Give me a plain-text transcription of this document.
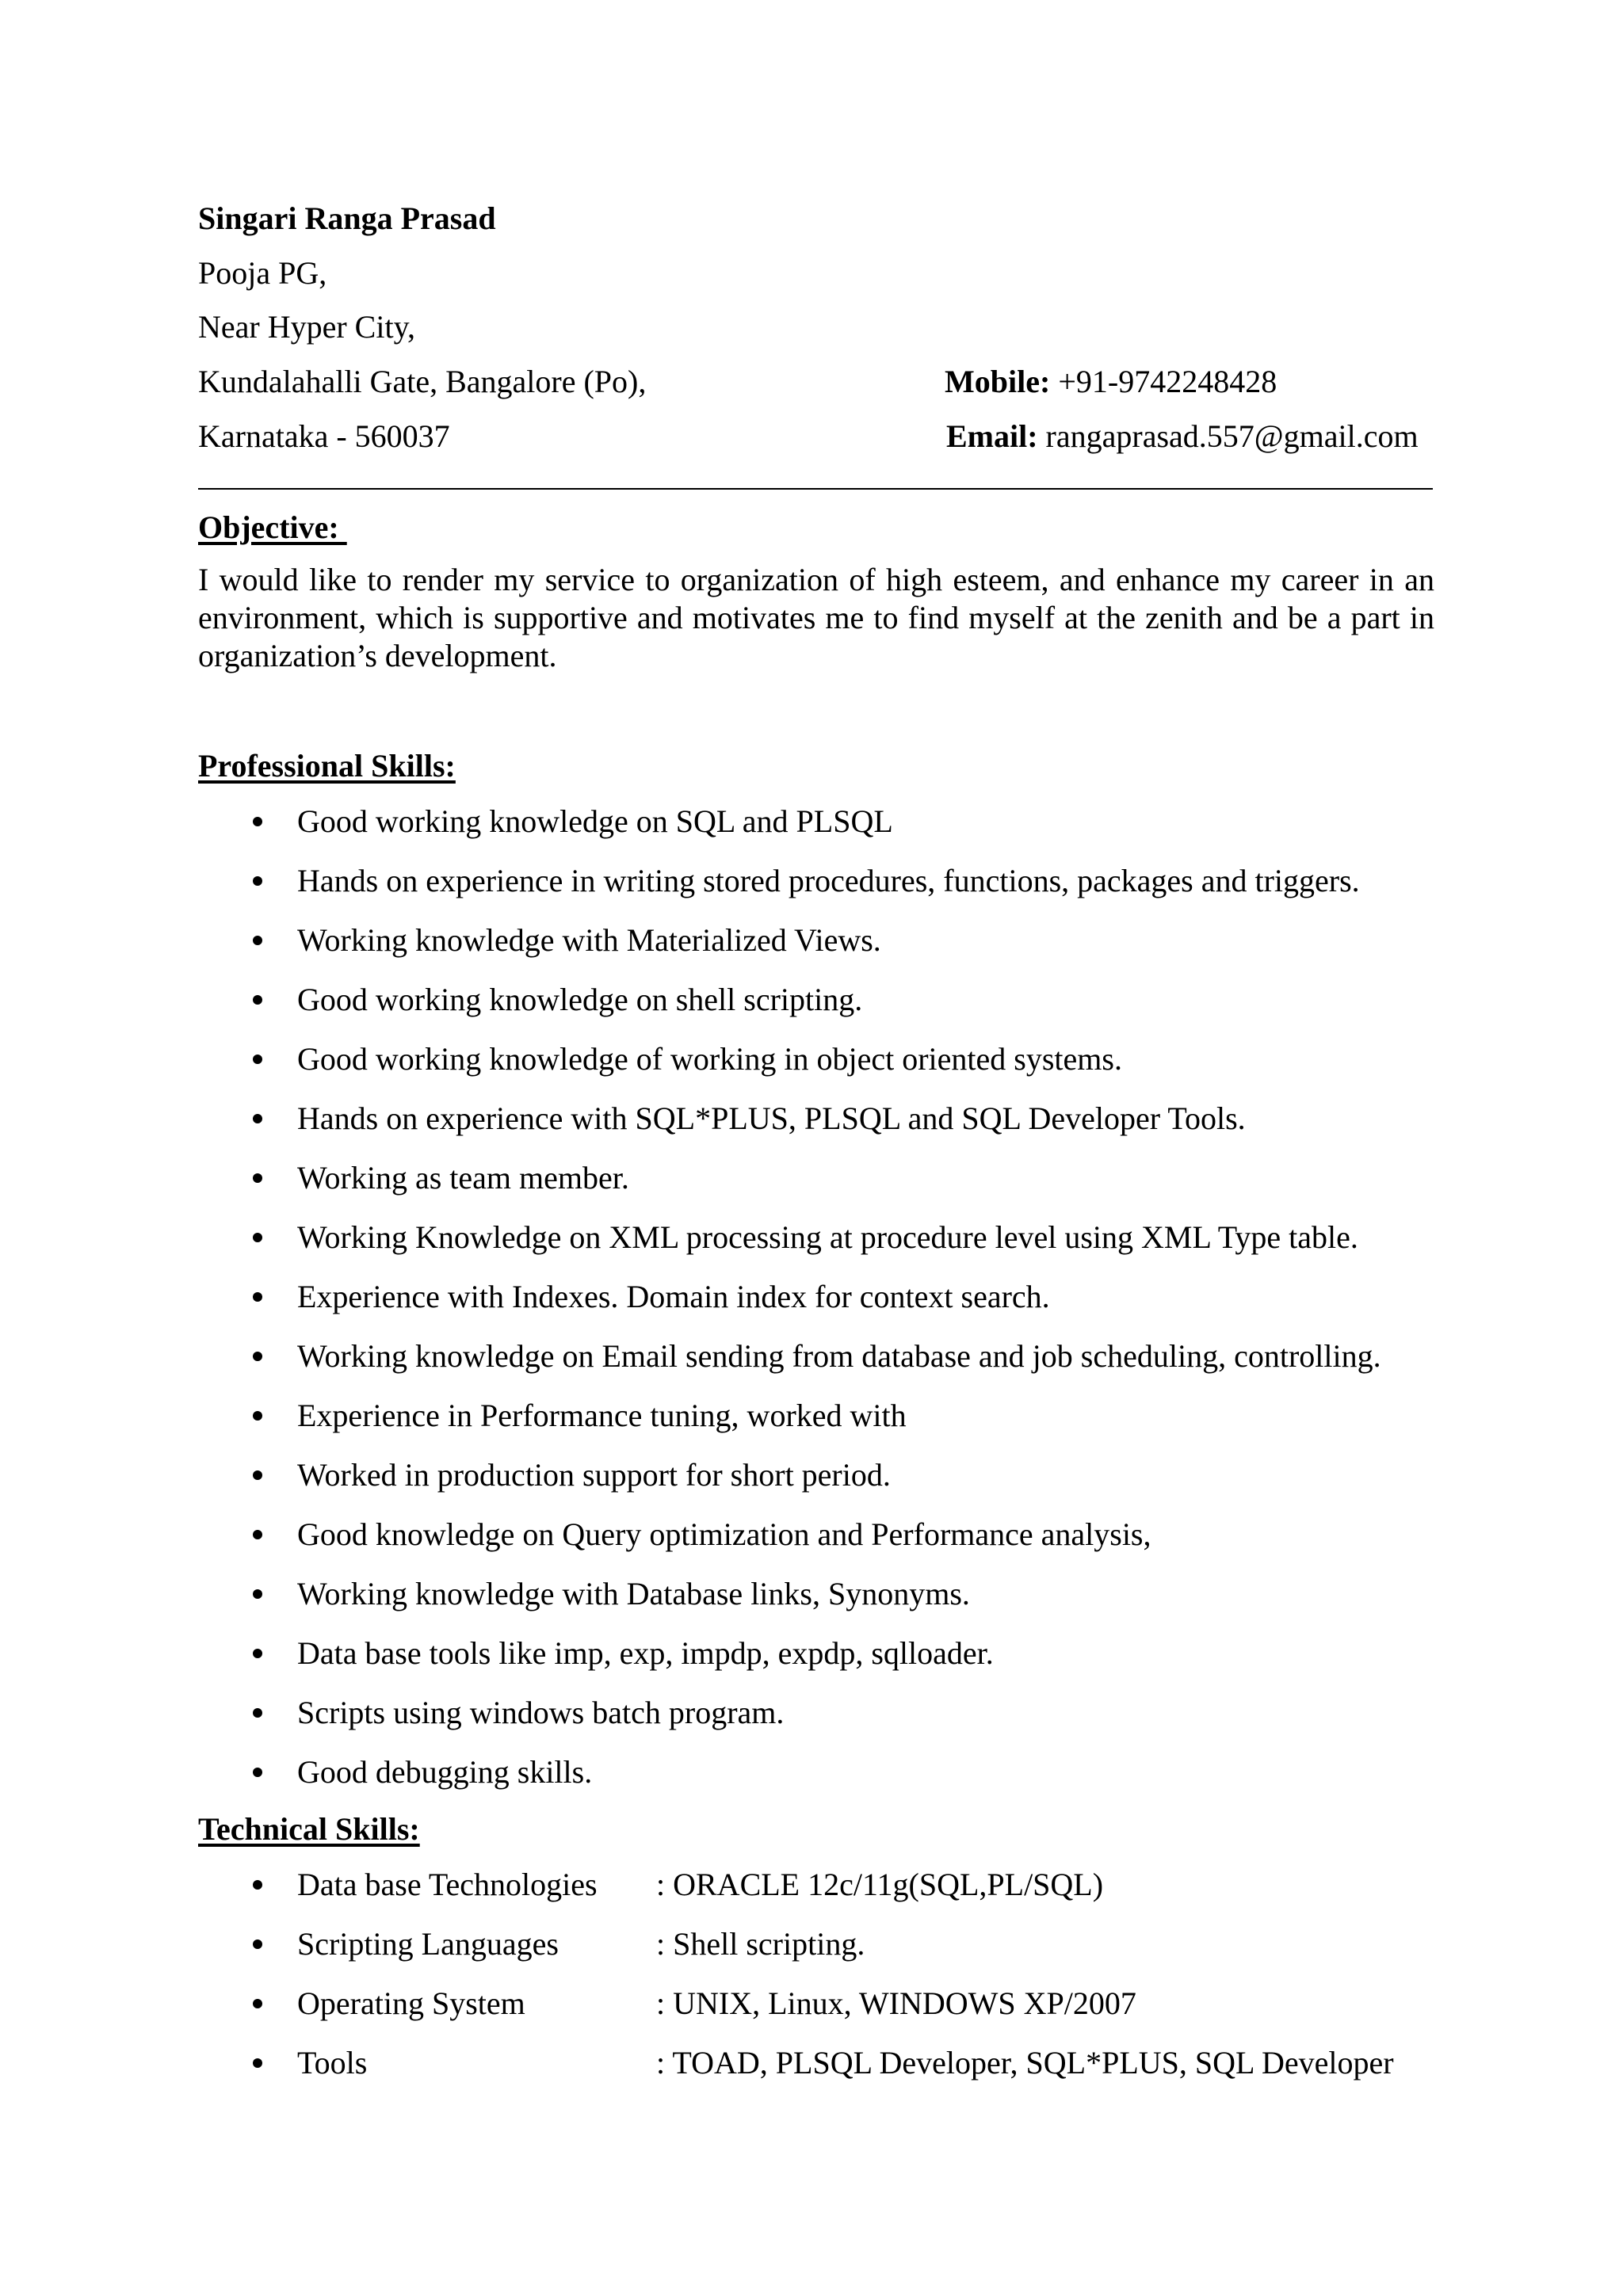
Singari Ranga Prasad
Pooja PG,
Near Hyper City,
Kundalahalli Gate, Bangalore (Po),
Karnataka - 560037
Mobile: +91-9742248428
Email: rangaprasad.557@gmail.com
Objective:
I would like to render my service to organization of high esteem, and enhance my career in an environment, which is supportive and motivates me to find myself at the zenith and be a part in organization’s development.
Professional Skills:
Good working knowledge on SQL and PLSQL
Hands on experience in writing stored procedures, functions, packages and triggers.
Working knowledge with Materialized Views.
Good working knowledge on shell scripting.
Good working knowledge of working in object oriented systems.
Hands on experience with SQL*PLUS, PLSQL and SQL Developer Tools.
Working as team member.
Working Knowledge on XML processing at procedure level using XML Type table.
Experience with Indexes. Domain index for context search.
Working knowledge on Email sending from database and job scheduling, controlling.
Experience in Performance tuning, worked with
Worked in production support for short period.
Good knowledge on Query optimization and Performance analysis,
Working knowledge with Database links, Synonyms.
Data base tools like imp, exp, impdp, expdp, sqlloader.
Scripts using windows batch program.
Good debugging skills.
Technical Skills:
Data base Technologies : ORACLE 12c/11g(SQL,PL/SQL)
Scripting Languages	: Shell scripting.
Operating System	: UNIX, Linux, WINDOWS XP/2007
Tools	: TOAD, PLSQL Developer, SQL*PLUS, SQL Developer
